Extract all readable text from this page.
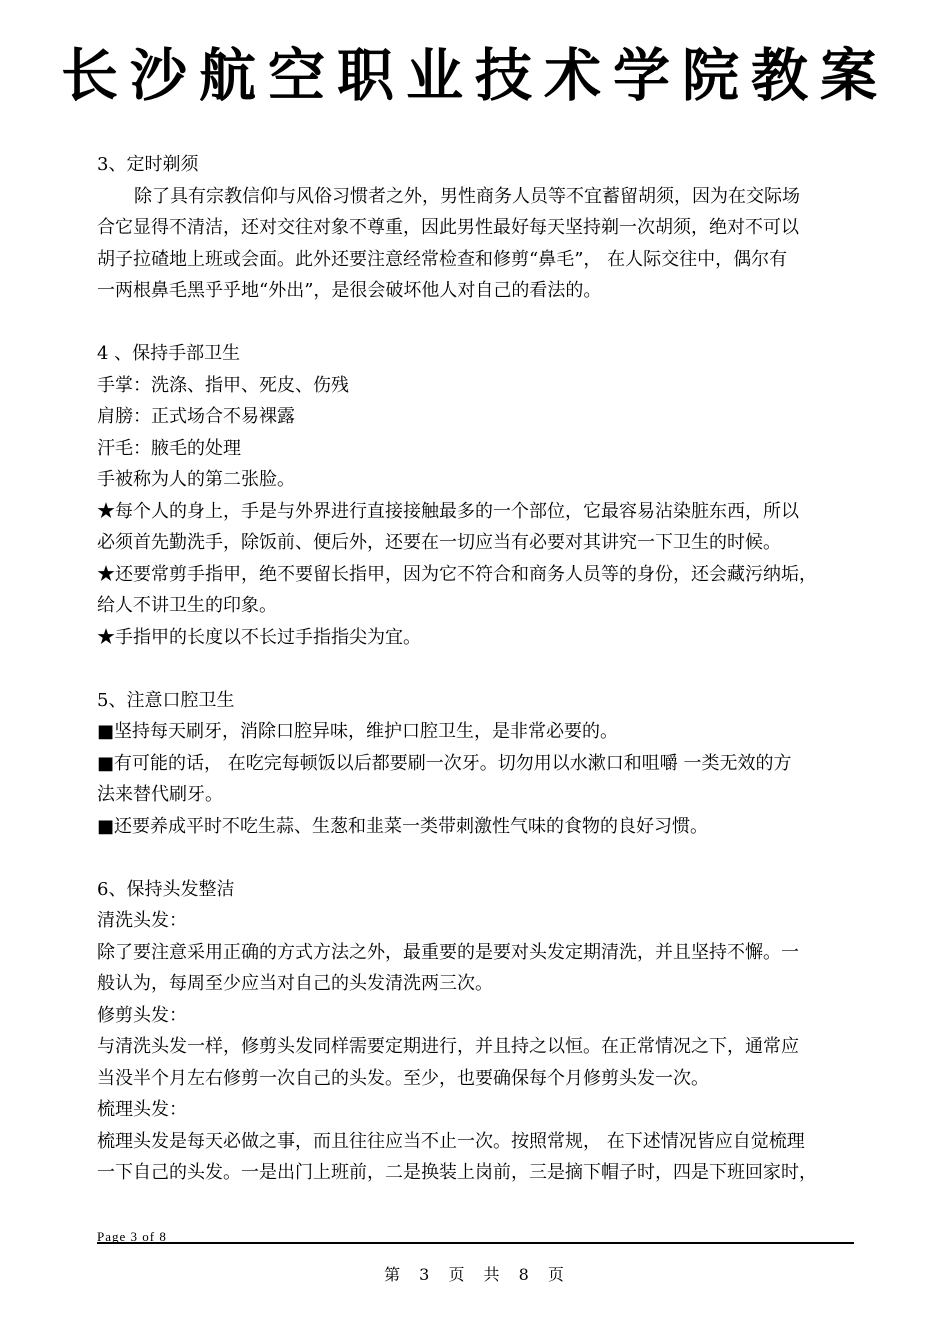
长沙航空职业技术学院教案
3、定时剃须
除了具有宗教信仰与风俗习惯者之外，男性商务人员等不宜蓄留胡须，因为在交际场
合它显得不清洁，还对交往对象不尊重，因此男性最好每天坚持剃一次胡须，绝对不可以
胡子拉碴地上班或会面。此外还要注意经常检查和修剪“鼻毛”， 在人际交往中，偶尔有
一两根鼻毛黑乎乎地“外出”，是很会破坏他人对自己的看法的。
4 、保持手部卫生
手掌：洗涤、指甲、死皮、伤残
肩膀：正式场合不易裸露
汗毛：腋毛的处理
手被称为人的第二张脸。
★每个人的身上，手是与外界进行直接接触最多的一个部位，它最容易沾染脏东西，所以
必须首先勤洗手，除饭前、便后外，还要在一切应当有必要对其讲究一下卫生的时候。
★还要常剪手指甲，绝不要留长指甲，因为它不符合和商务人员等的身份，还会藏污纳垢，
给人不讲卫生的印象。
★手指甲的长度以不长过手指指尖为宜。
5、注意口腔卫生
■坚持每天刷牙，消除口腔异味，维护口腔卫生，是非常必要的。
■有可能的话， 在吃完每顿饭以后都要刷一次牙。切勿用以水漱口和咀嚼 一类无效的方
法来替代刷牙。
■还要养成平时不吃生蒜、生葱和韭菜一类带刺激性气味的食物的良好习惯。
6、保持头发整洁
清洗头发：
除了要注意采用正确的方式方法之外，最重要的是要对头发定期清洗，并且坚持不懈。一
般认为，每周至少应当对自己的头发清洗两三次。
修剪头发：
与清洗头发一样，修剪头发同样需要定期进行，并且持之以恒。在正常情况之下，通常应
当没半个月左右修剪一次自己的头发。至少，也要确保每个月修剪头发一次。
梳理头发：
梳理头发是每天必做之事，而且往往应当不止一次。按照常规， 在下述情况皆应自觉梳理
一下自己的头发。一是出门上班前，二是换装上岗前，三是摘下帽子时，四是下班回家时，
Page 3 of 8
第 3 页 共 8 页
